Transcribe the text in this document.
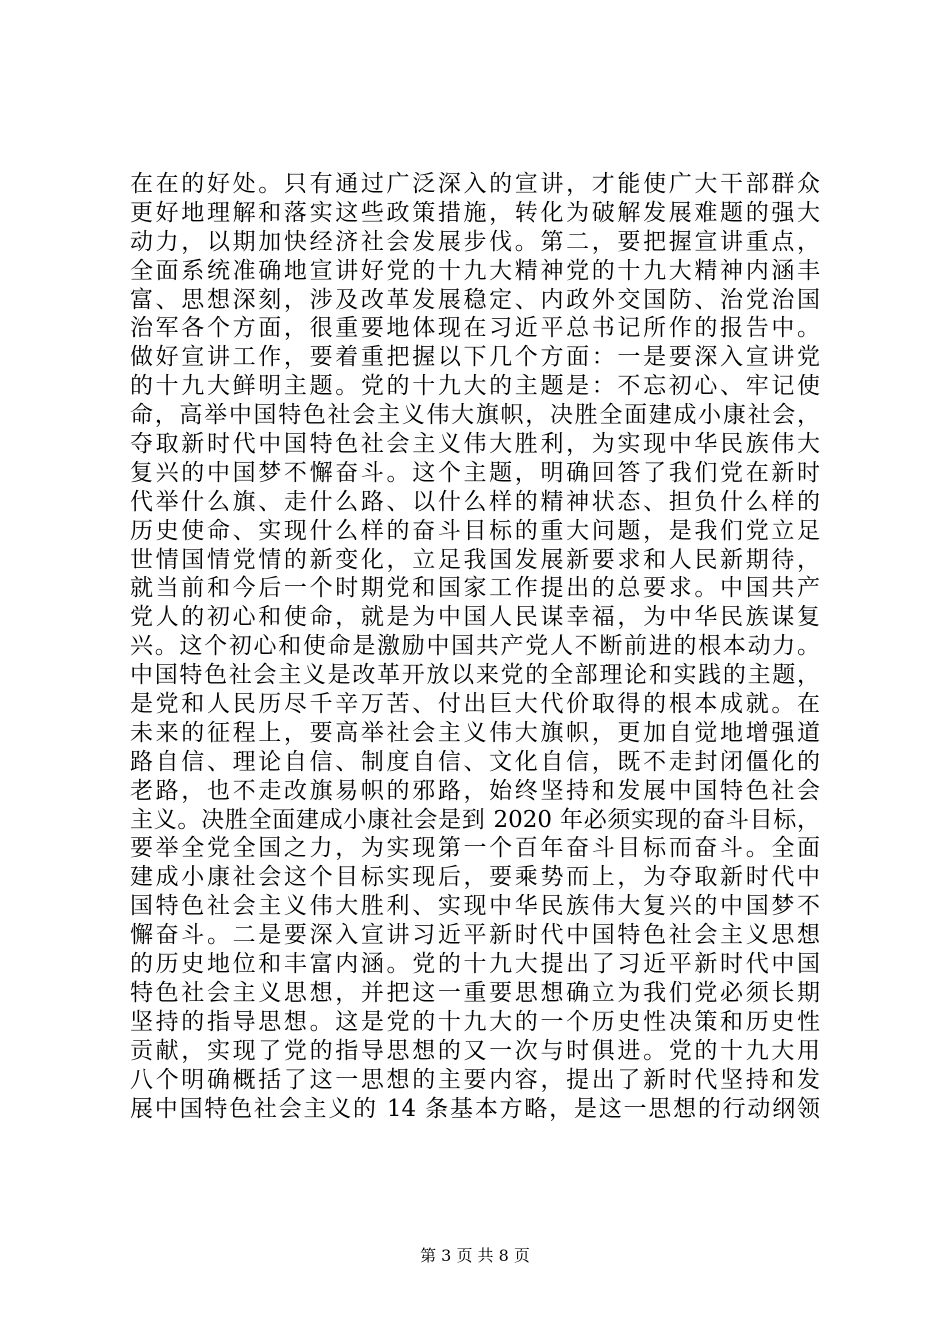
在在的好处。只有通过广泛深入的宣讲，才能使广大干部群众
更好地理解和落实这些政策措施，转化为破解发展难题的强大
动力，以期加快经济社会发展步伐。第二，要把握宣讲重点，
全面系统准确地宣讲好党的十九大精神党的十九大精神内涵丰
富、思想深刻，涉及改革发展稳定、内政外交国防、治党治国
治军各个方面，很重要地体现在习近平总书记所作的报告中。
做好宣讲工作，要着重把握以下几个方面：一是要深入宣讲党
的十九大鲜明主题。党的十九大的主题是：不忘初心、牢记使
命，高举中国特色社会主义伟大旗帜，决胜全面建成小康社会，
夺取新时代中国特色社会主义伟大胜利，为实现中华民族伟大
复兴的中国梦不懈奋斗。这个主题，明确回答了我们党在新时
代举什么旗、走什么路、以什么样的精神状态、担负什么样的
历史使命、实现什么样的奋斗目标的重大问题，是我们党立足
世情国情党情的新变化，立足我国发展新要求和人民新期待，
就当前和今后一个时期党和国家工作提出的总要求。中国共产
党人的初心和使命，就是为中国人民谋幸福，为中华民族谋复
兴。这个初心和使命是激励中国共产党人不断前进的根本动力。
中国特色社会主义是改革开放以来党的全部理论和实践的主题，
是党和人民历尽千辛万苦、付出巨大代价取得的根本成就。在
未来的征程上，要高举社会主义伟大旗帜，更加自觉地增强道
路自信、理论自信、制度自信、文化自信，既不走封闭僵化的
老路，也不走改旗易帜的邪路，始终坚持和发展中国特色社会
主义。决胜全面建成小康社会是到 2020 年必须实现的奋斗目标，
要举全党全国之力，为实现第一个百年奋斗目标而奋斗。全面
建成小康社会这个目标实现后，要乘势而上，为夺取新时代中
国特色社会主义伟大胜利、实现中华民族伟大复兴的中国梦不
懈奋斗。二是要深入宣讲习近平新时代中国特色社会主义思想
的历史地位和丰富内涵。党的十九大提出了习近平新时代中国
特色社会主义思想，并把这一重要思想确立为我们党必须长期
坚持的指导思想。这是党的十九大的一个历史性决策和历史性
贡献，实现了党的指导思想的又一次与时俱进。党的十九大用
八个明确概括了这一思想的主要内容，提出了新时代坚持和发
展中国特色社会主义的 14 条基本方略，是这一思想的行动纲领
第 3 页 共 8 页
